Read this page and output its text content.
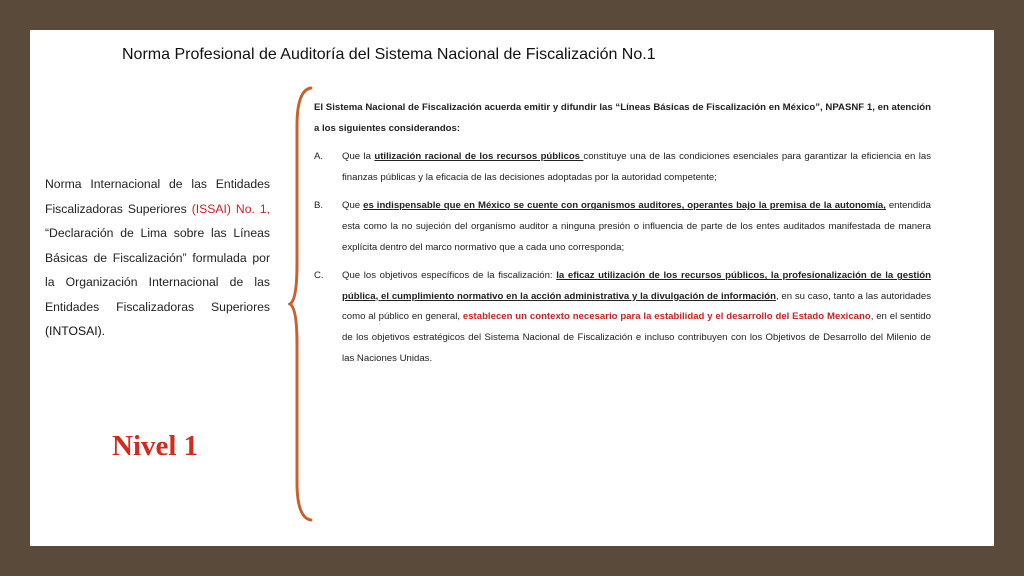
Norma Profesional de Auditoría del Sistema Nacional de Fiscalización No.1
Norma Internacional de las Entidades Fiscalizadoras Superiores (ISSAI) No. 1, “Declaración de Lima sobre las Líneas Básicas de Fiscalización” formulada por la Organización Internacional de las Entidades Fiscalizadoras Superiores (INTOSAI).
Nivel 1

El Sistema Nacional de Fiscalización acuerda emitir y difundir las “Líneas Básicas de Fiscalización en México”, NPASNF 1, en atención a los siguientes considerandos:

A.	Que la utilización racional de los recursos públicos constituye una de las condiciones esenciales para garantizar la eficiencia en las finanzas públicas y la eficacia de las decisiones adoptadas por la autoridad competente;
B.	Que es indispensable que en México se cuente con organismos auditores, operantes bajo la premisa de la autonomía, entendida esta como la no sujeción del organismo auditor a ninguna presión o influencia de parte de los entes auditados manifestada de manera explícita dentro del marco normativo que a cada uno corresponda;
C.	Que los objetivos específicos de la fiscalización: la eficaz utilización de los recursos públicos, la profesionalización de la gestión pública, el cumplimiento normativo en la acción administrativa y la divulgación de información, en su caso, tanto a las autoridades como al público en general, establecen un contexto necesario para la estabilidad y el desarrollo del Estado Mexicano, en el sentido de los objetivos estratégicos del Sistema Nacional de Fiscalización e incluso contribuyen con los Objetivos de Desarrollo del Milenio de las Naciones Unidas.
